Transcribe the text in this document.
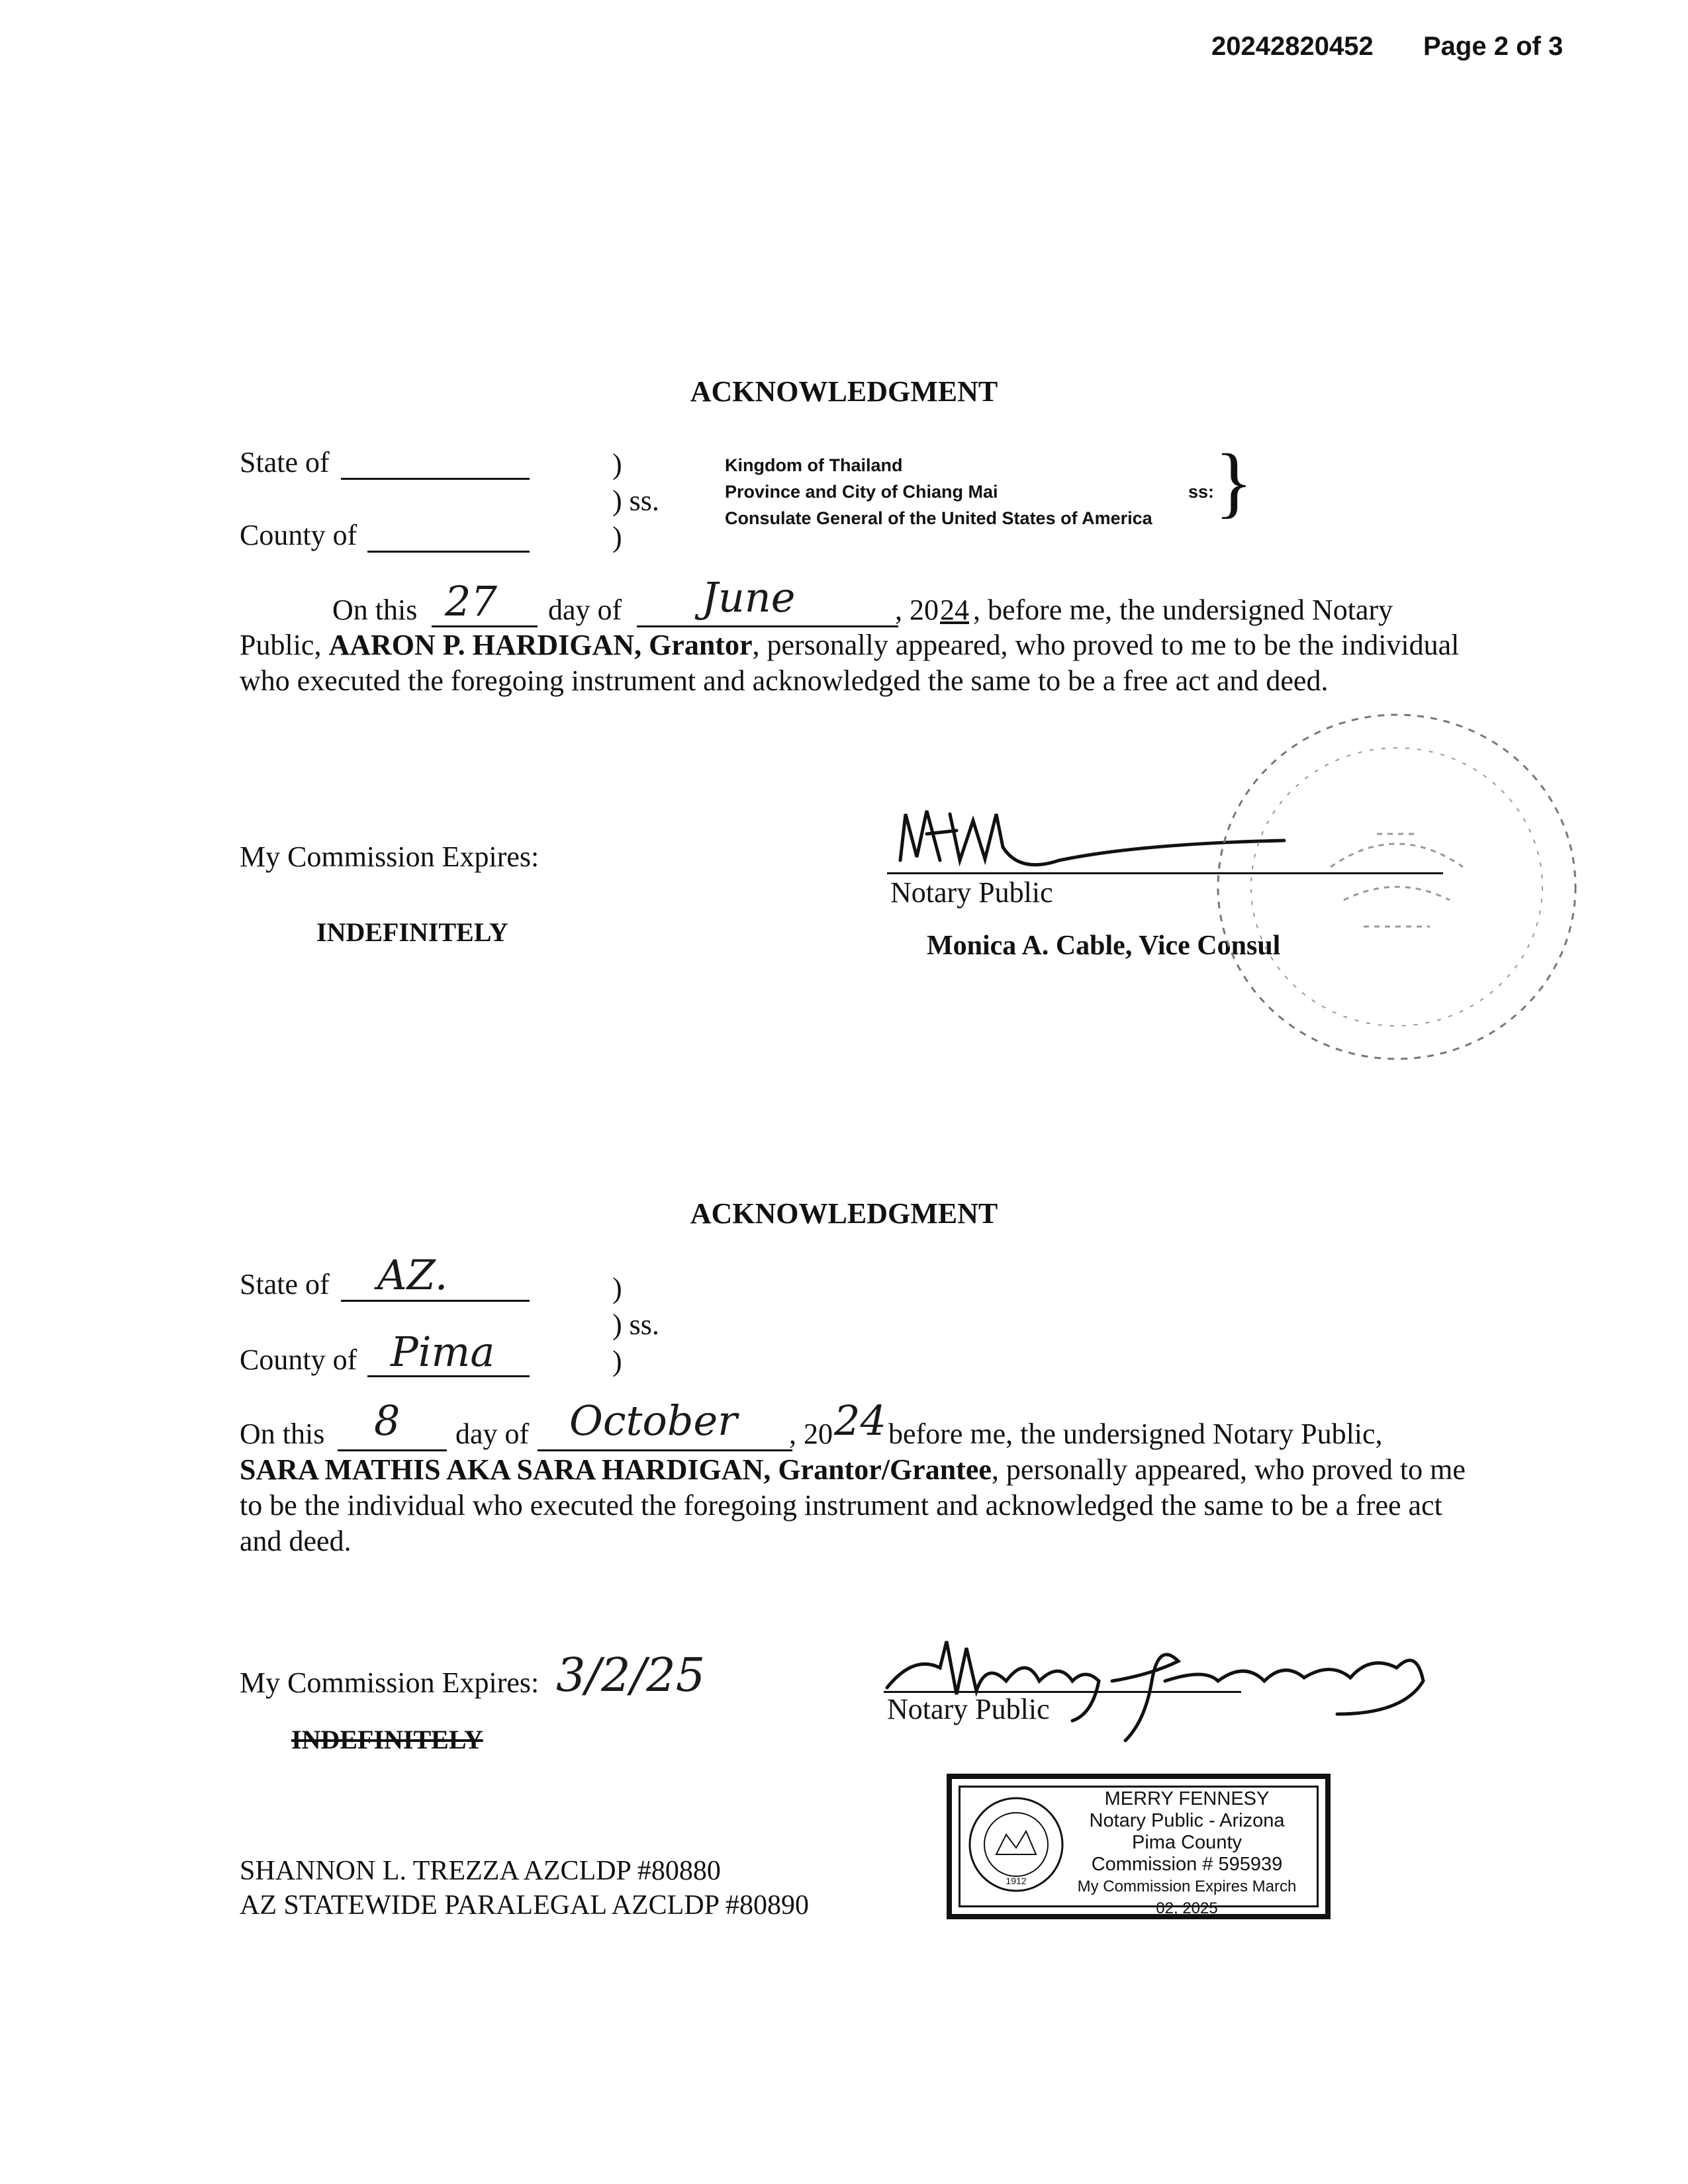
20242820452 Page 2 of 3
ACKNOWLEDGMENT
State of
County of
)
) ss.
)
Kingdom of Thailand
Province and City of Chiang Mai
Consulate General of the United States of America
ss: }
On this 27 day of June	, 20 24 , before me, the undersigned Notary
Public, AARON P. HARDIGAN, Grantor, personally appeared, who proved to me to be the individual who executed the foregoing instrument and acknowledged the same to be a free act and deed.
My Commission Expires:
INDEFINITELY
Notary Public
Monica A. Cable, Vice Consul
ACKNOWLEDGMENT
State of AZ.
County of Pima
)
) ss.
)
On this 8 day of October , 20 24 before me, the undersigned Notary Public,
SARA MATHIS AKA SARA HARDIGAN, Grantor/Grantee, personally appeared, who proved to me to be the individual who executed the foregoing instrument and acknowledged the same to be a free act and deed.
My Commission Expires: 3/2/25
INDEFINITELY
Notary Public
1912
MERRY FENNESY
Notary Public - Arizona
Pima County
Commission # 595939
My Commission Expires March 02, 2025
SHANNON L. TREZZA AZCLDP #80880
AZ STATEWIDE PARALEGAL AZCLDP #80890
